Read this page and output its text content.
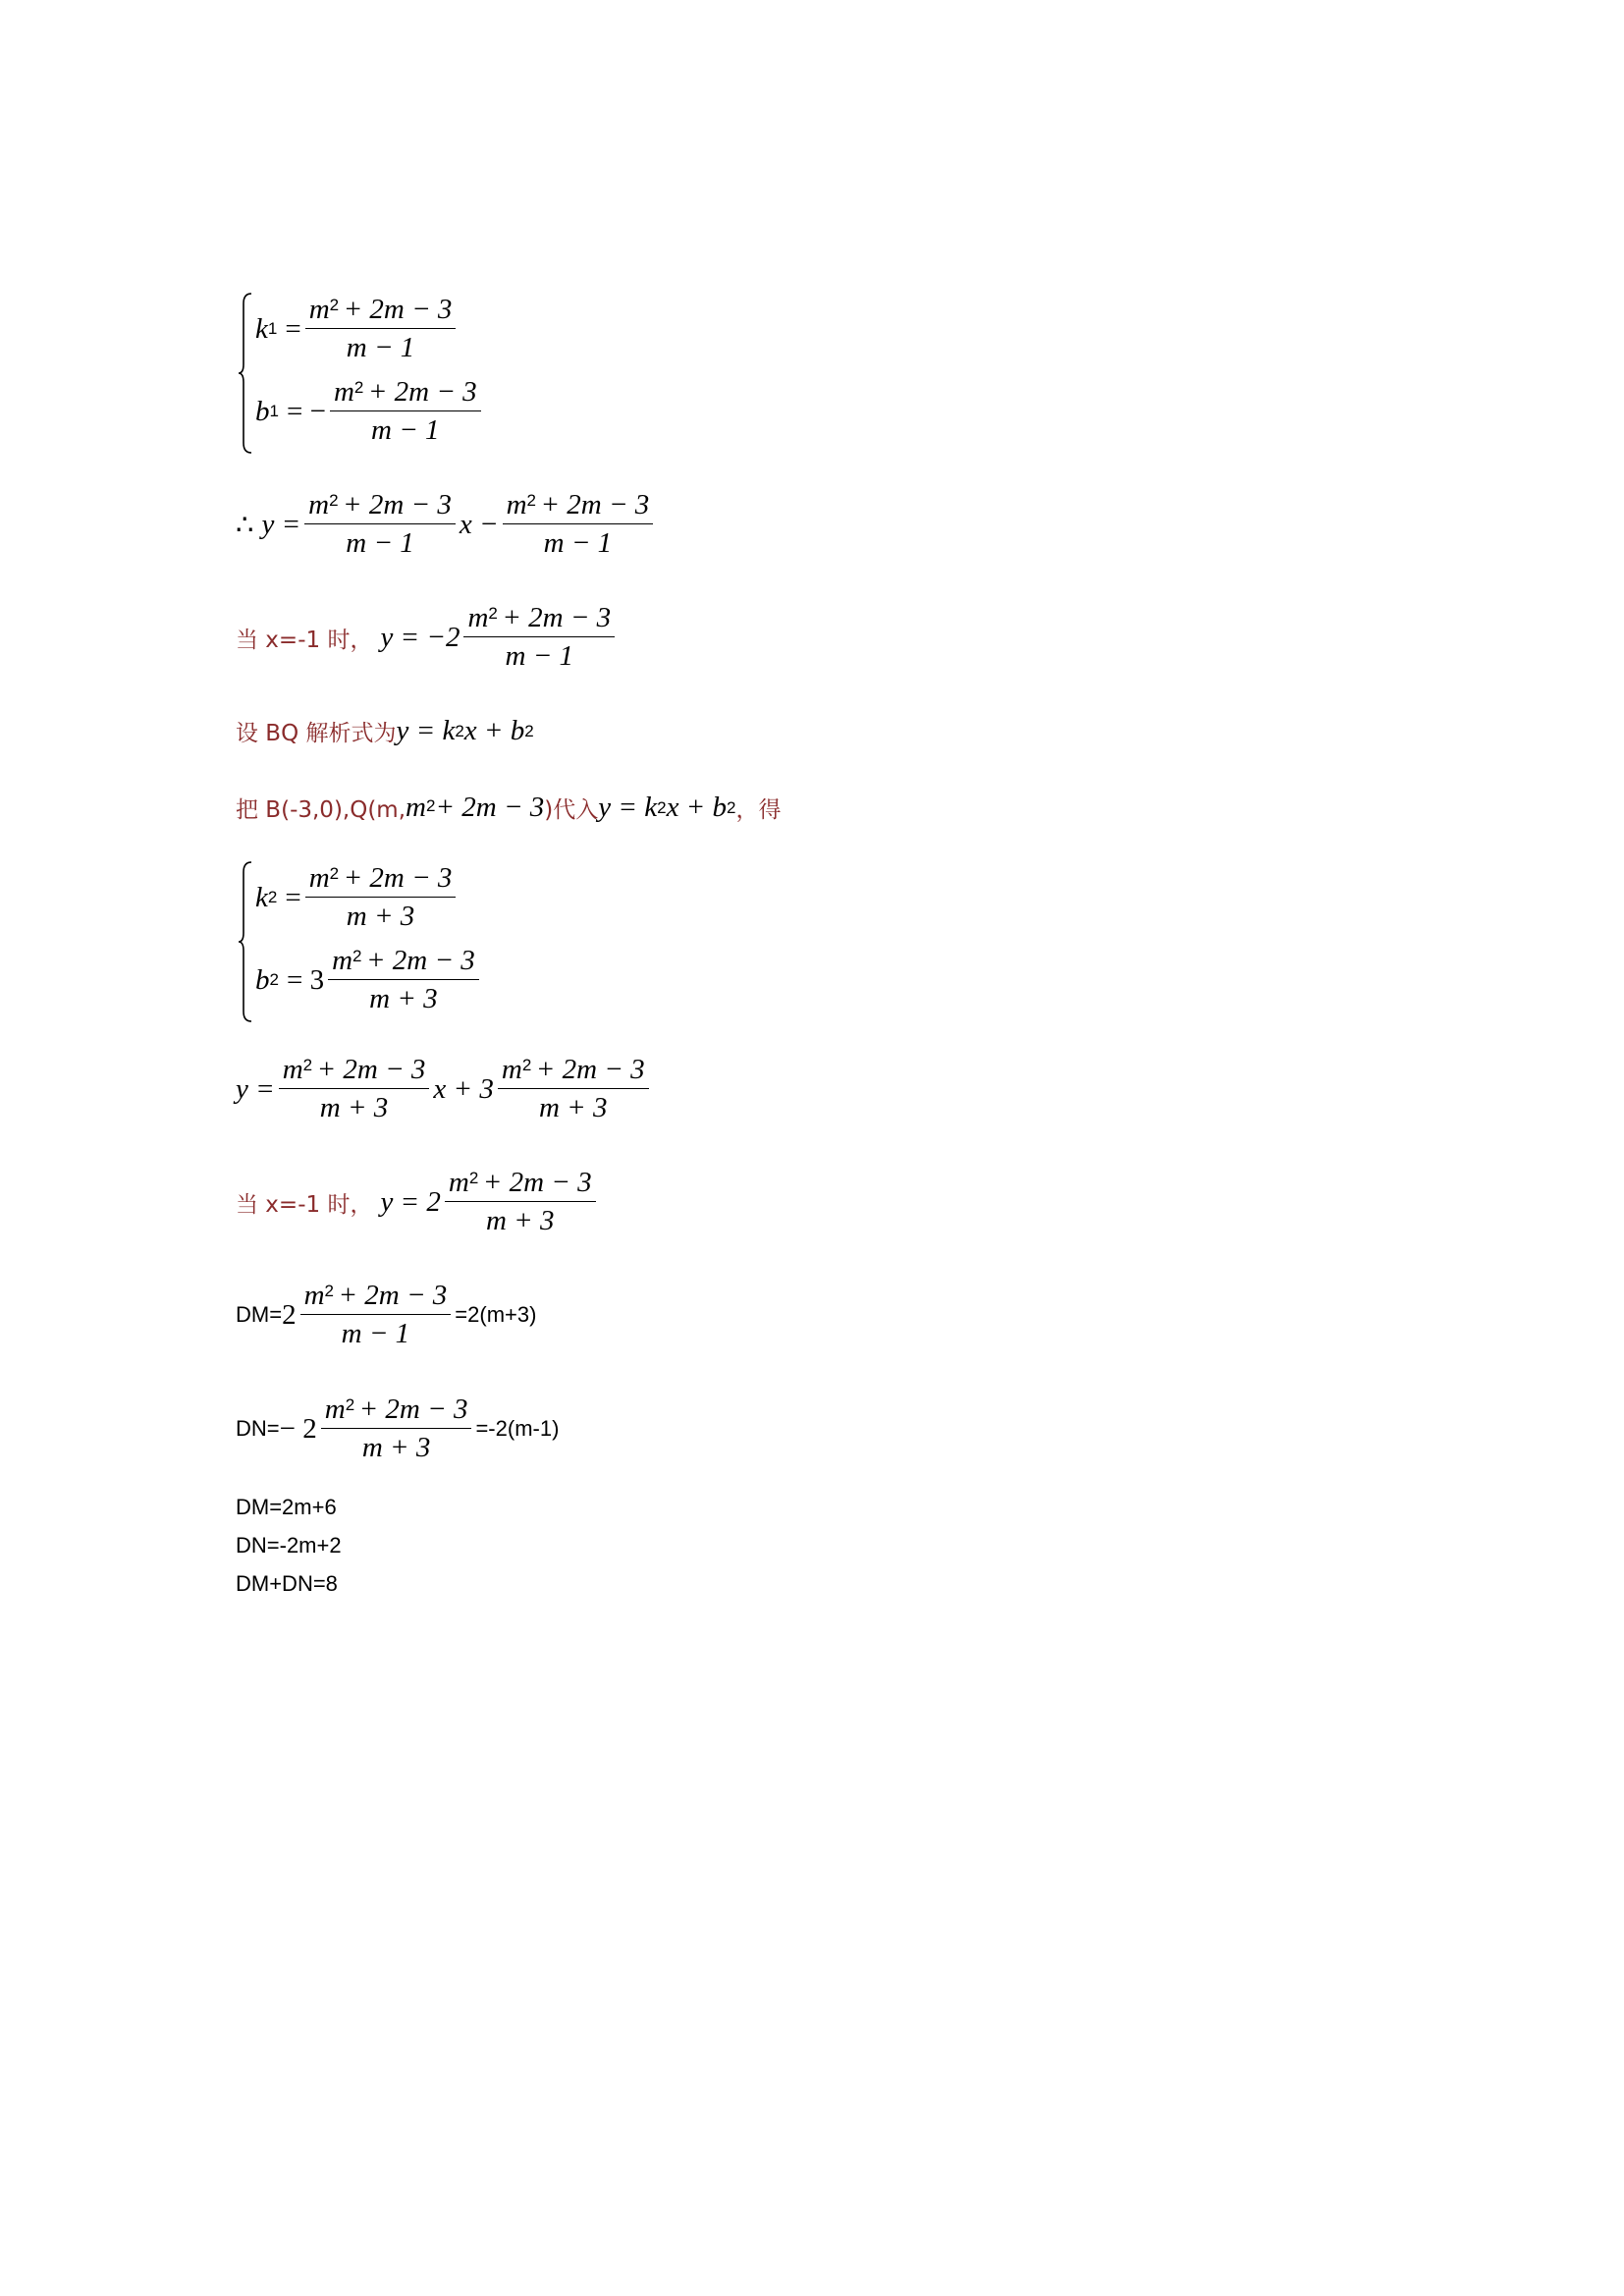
k $1 = \frac{m^2 + 2m - 3}{m - 1}$
b 1 = − $\frac{m^2 + 2m - 3}{m - 1}$
∴ $y = \frac{m^2 + 2m - 3}{m - 1}$ $x - \frac{m^2 + 2m - 3}{m - 1}$
当 x=-1 时， $y = -2 \frac{m^2 + 2m - 3}{m - 1}$
设 BQ 解析式为 y = k 2 x + b 2
把 B(-3,0),Q(m, $m^2 + 2m - 3$ )代入 y = k 2 x + b 2 ，得
k $2 = \frac{m^2 + 2m - 3}{m + 3}$
b $2 = 3 \frac{m^2 + 2m - 3}{m + 3}$
$y = \frac{m^2 + 2m - 3}{m + 3}$ $x + 3 \frac{m^2 + 2m - 3}{m + 3}$
当 x=-1 时， $y = 2 \frac{m^2 + 2m - 3}{m + 3}$
$DM= 2 \frac{m^2 + 2m - 3}{m - 1} =2(m+3)$
$DN= - 2 \frac{m^2 + 2m - 3}{m + 3} =-2(m-1)$
DM=2m+6
DN=-2m+2
DM+DN=8
